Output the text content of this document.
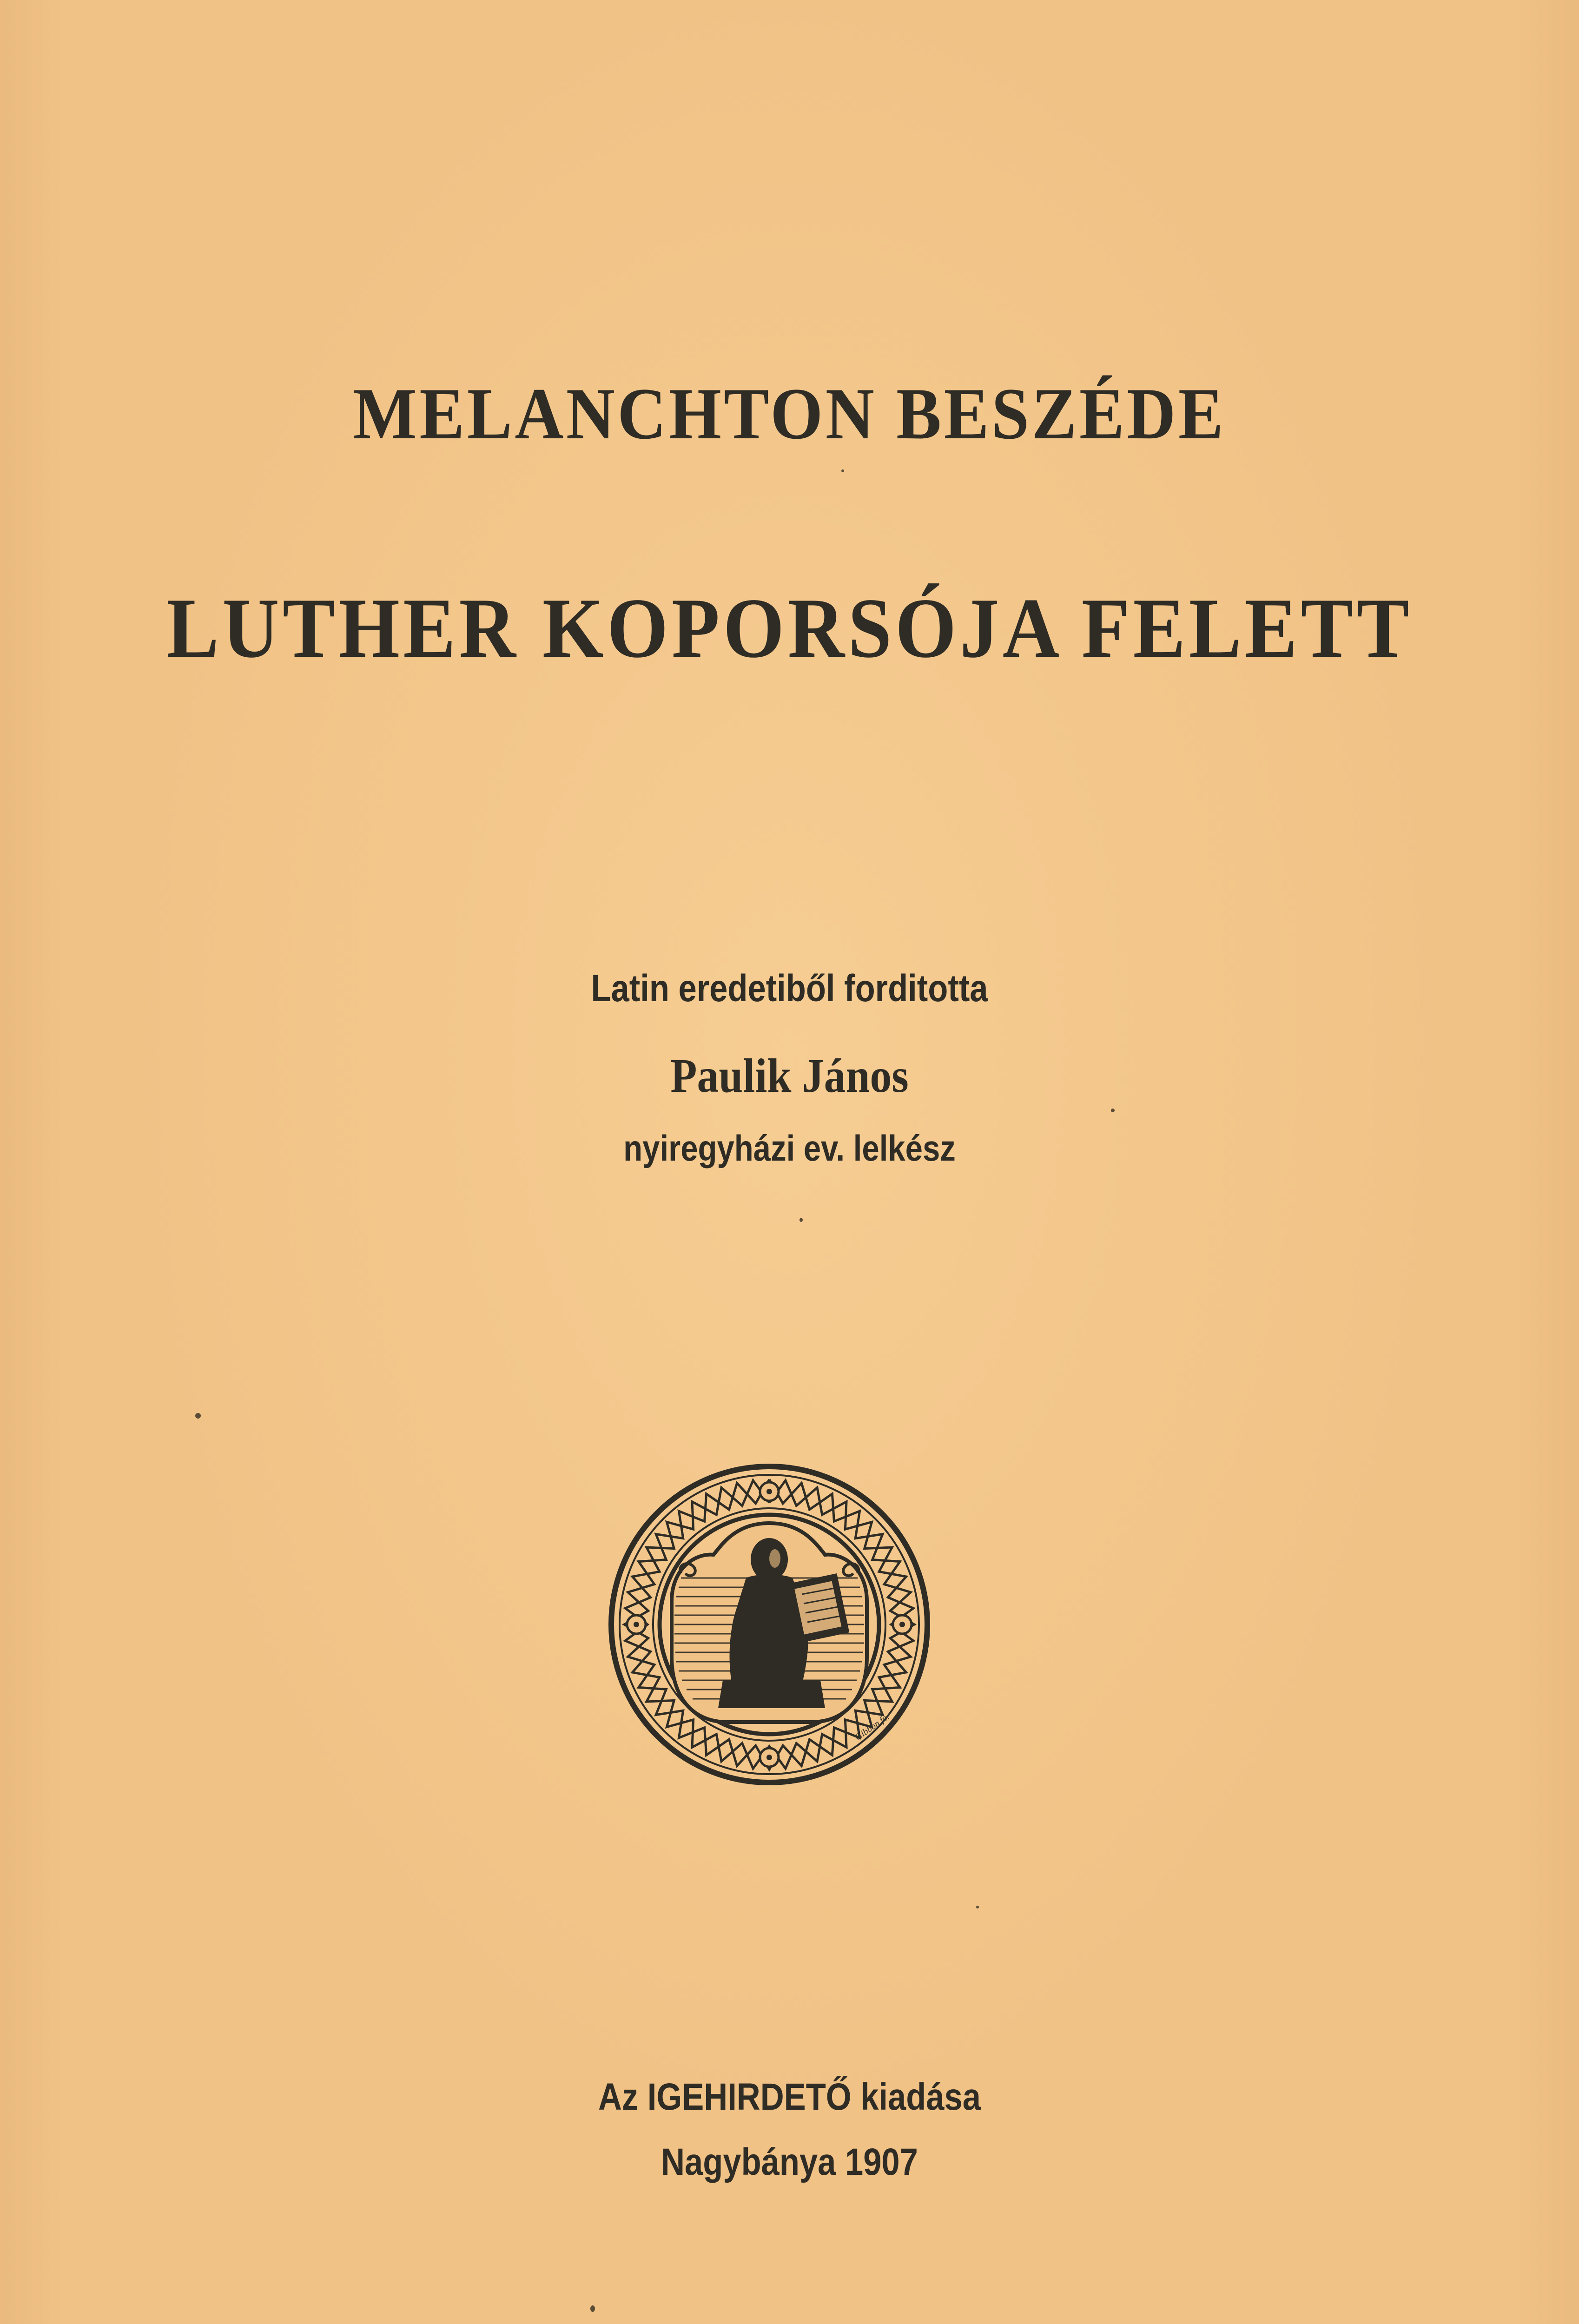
MELANCHTON BESZÉDE
LUTHER KOPORSÓJA FELETT
Latin eredetiből forditotta
Paulik János
nyiregyházi ev. lelkész
Gibbon fe.
Az IGEHIRDETŐ kiadása
Nagybánya 1907
